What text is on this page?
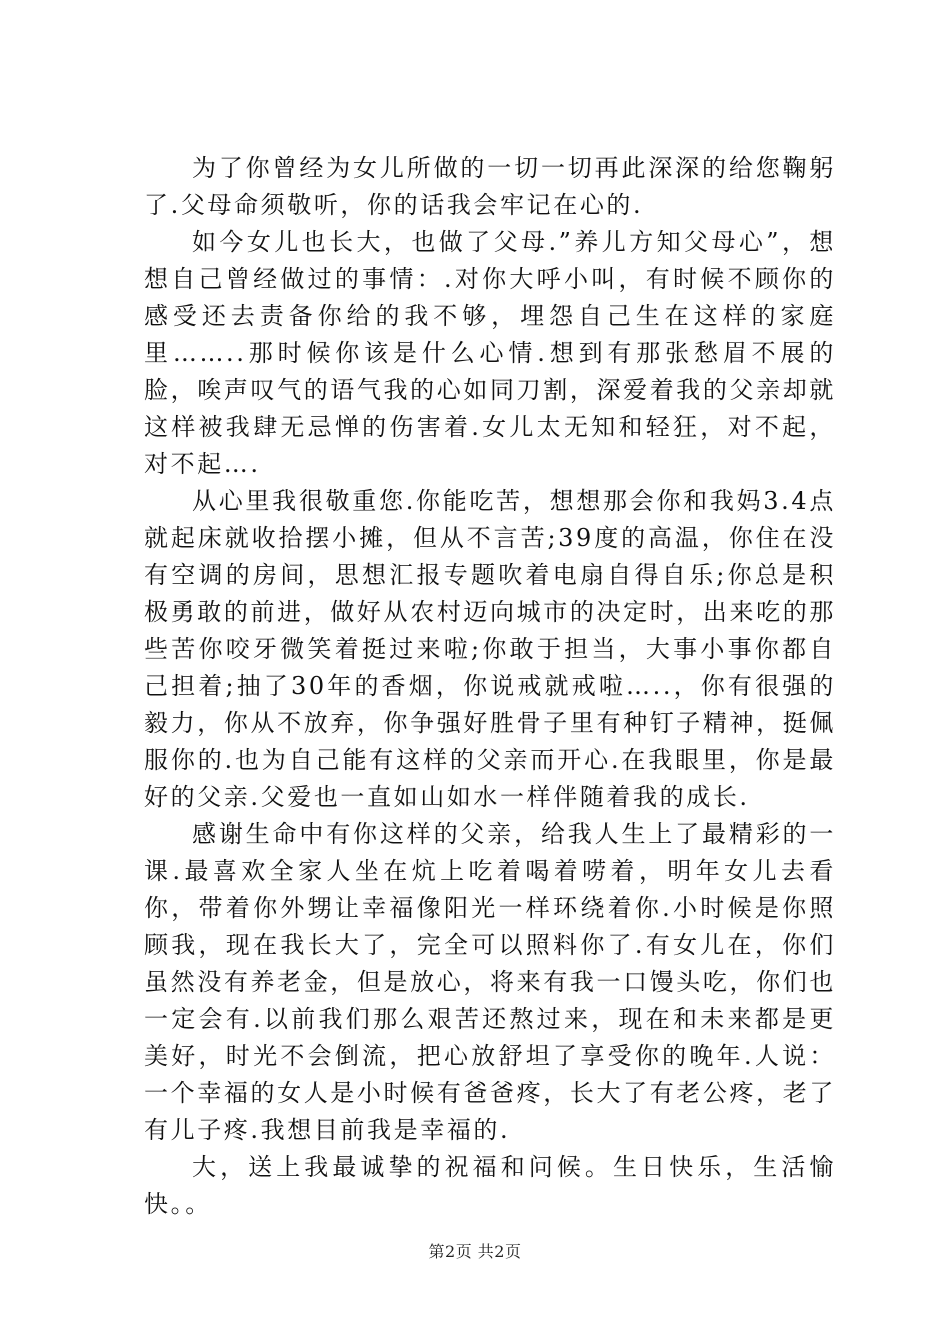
为了你曾经为女儿所做的一切一切再此深深的给您鞠躬了.父母命须敬听，你的话我会牢记在心的.

如今女儿也长大，也做了父母.”养儿方知父母心”，想想自己曾经做过的事情：.对你大呼小叫，有时候不顾你的感受还去责备你给的我不够，埋怨自己生在这样的家庭里……..那时候你该是什么心情.想到有那张愁眉不展的脸，唉声叹气的语气我的心如同刀割，深爱着我的父亲却就这样被我肆无忌惮的伤害着.女儿太无知和轻狂，对不起，对不起….

从心里我很敬重您.你能吃苦，想想那会你和我妈3.4点就起床就收拾摆小摊，但从不言苦;39度的高温，你住在没有空调的房间，思想汇报专题吹着电扇自得自乐;你总是积极勇敢的前进，做好从农村迈向城市的决定时，出来吃的那些苦你咬牙微笑着挺过来啦;你敢于担当，大事小事你都自己担着;抽了30年的香烟，你说戒就戒啦…..，你有很强的毅力，你从不放弃，你争强好胜骨子里有种钉子精神，挺佩服你的.也为自己能有这样的父亲而开心.在我眼里，你是最好的父亲.父爱也一直如山如水一样伴随着我的成长.

感谢生命中有你这样的父亲，给我人生上了最精彩的一课.最喜欢全家人坐在炕上吃着喝着唠着，明年女儿去看你，带着你外甥让幸福像阳光一样环绕着你.小时候是你照顾我，现在我长大了，完全可以照料你了.有女儿在，你们虽然没有养老金，但是放心，将来有我一口馒头吃，你们也一定会有.以前我们那么艰苦还熬过来，现在和未来都是更美好，时光不会倒流，把心放舒坦了享受你的晚年.人说：一个幸福的女人是小时候有爸爸疼，长大了有老公疼，老了有儿子疼.我想目前我是幸福的.

大，送上我最诚挚的祝福和问候。生日快乐，生活愉快。。

第2页 共2页
